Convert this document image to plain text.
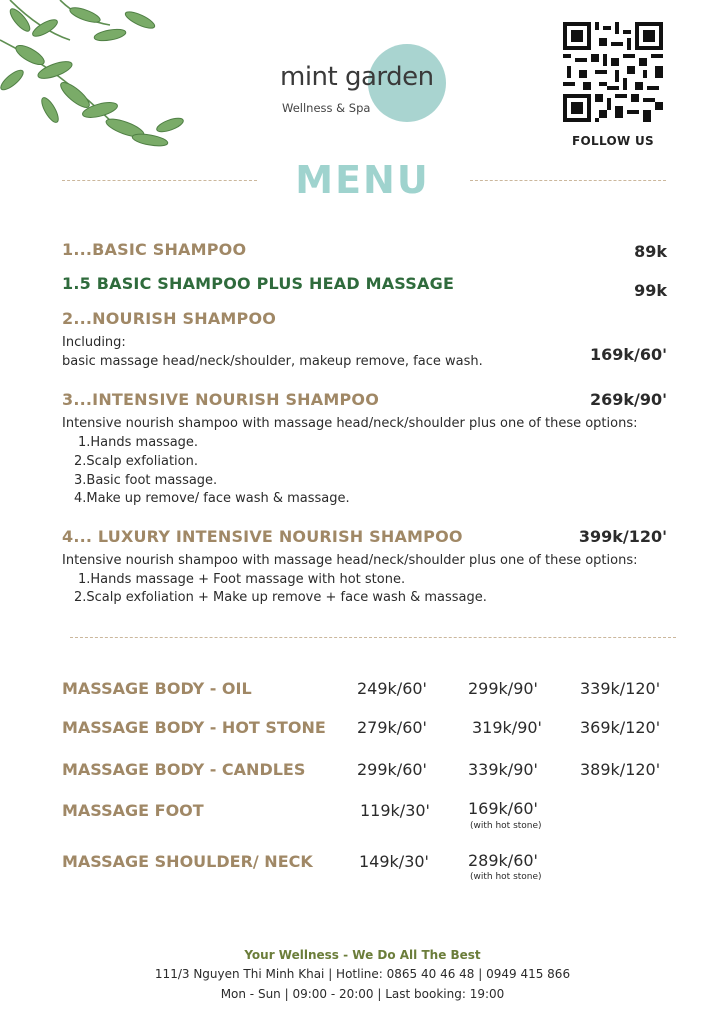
mint garden
Wellness & Spa
FOLLOW US
MENU
1...BASIC SHAMPOO	89k
1.5 BASIC SHAMPOO PLUS HEAD MASSAGE	99k
2...NOURISH SHAMPOO
Including:
basic massage head/neck/shoulder, makeup remove, face wash.	169k/60'
3...INTENSIVE NOURISH SHAMPOO	269k/90'
Intensive nourish shampoo with massage head/neck/shoulder plus one of these options:
1.Hands massage.
2.Scalp exfoliation.
3.Basic foot massage.
4.Make up remove/ face wash & massage.
4... LUXURY INTENSIVE NOURISH SHAMPOO	399k/120'
Intensive nourish shampoo with massage head/neck/shoulder plus one of these options:
1.Hands massage + Foot massage with hot stone.
2.Scalp exfoliation + Make up remove + face wash & massage.
MASSAGE BODY - OIL	249k/60'	299k/90'	339k/120'
MASSAGE BODY - HOT STONE 279k/60'	319k/90' 369k/120'
MASSAGE BODY - CANDLES	299k/60'	339k/90'	389k/120'
MASSAGE FOOT	119k/30' 169k/60'
(with hot stone)
MASSAGE SHOULDER/ NECK	149k/30' 289k/60'
(with hot stone)
Your Wellness - We Do All The Best
111/3 Nguyen Thi Minh Khai | Hotline: 0865 40 46 48 | 0949 415 866
Mon - Sun | 09:00 - 20:00 | Last booking: 19:00
